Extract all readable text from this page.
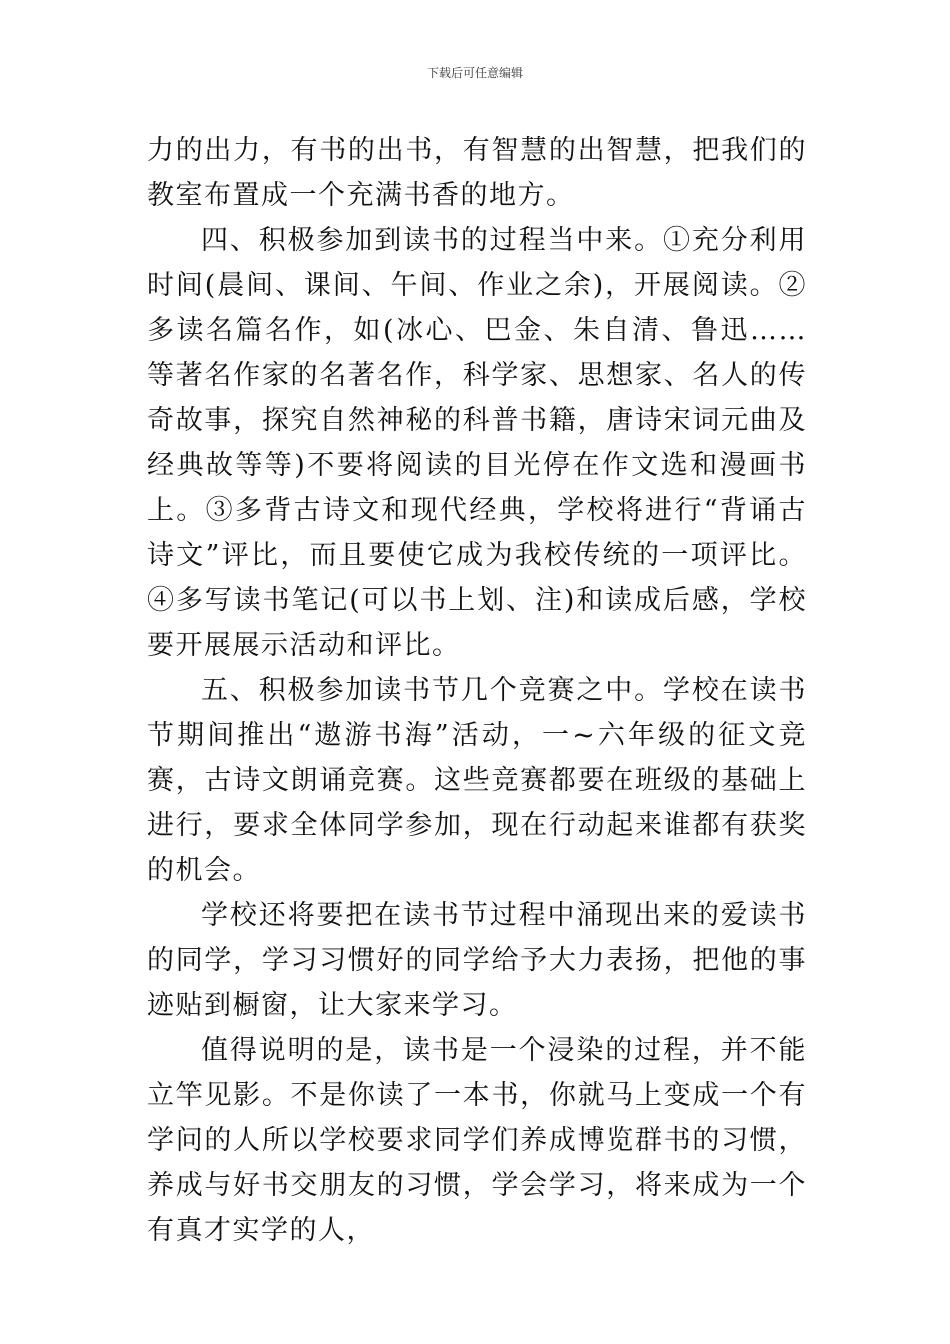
下载后可任意编辑

力的出力，有书的出书，有智慧的出智慧，把我们的教室布置成一个充满书香的地方。

四、积极参加到读书的过程当中来。①充分利用时间(晨间、课间、午间、作业之余)，开展阅读。②多读名篇名作，如(冰心、巴金、朱自清、鲁迅……等著名作家的名著名作，科学家、思想家、名人的传奇故事，探究自然神秘的科普书籍，唐诗宋词元曲及经典故等等)不要将阅读的目光停在作文选和漫画书上。③多背古诗文和现代经典，学校将进行“背诵古诗文”评比，而且要使它成为我校传统的一项评比。④多写读书笔记(可以书上划、注)和读成后感，学校要开展展示活动和评比。

五、积极参加读书节几个竞赛之中。学校在读书节期间推出“遨游书海”活动，一~六年级的征文竞赛，古诗文朗诵竞赛。这些竞赛都要在班级的基础上进行，要求全体同学参加，现在行动起来谁都有获奖的机会。

学校还将要把在读书节过程中涌现出来的爱读书的同学，学习习惯好的同学给予大力表扬，把他的事迹贴到橱窗，让大家来学习。

值得说明的是，读书是一个浸染的过程，并不能立竿见影。不是你读了一本书，你就马上变成一个有学问的人所以学校要求同学们养成博览群书的习惯，养成与好书交朋友的习惯，学会学习，将来成为一个有真才实学的人，
